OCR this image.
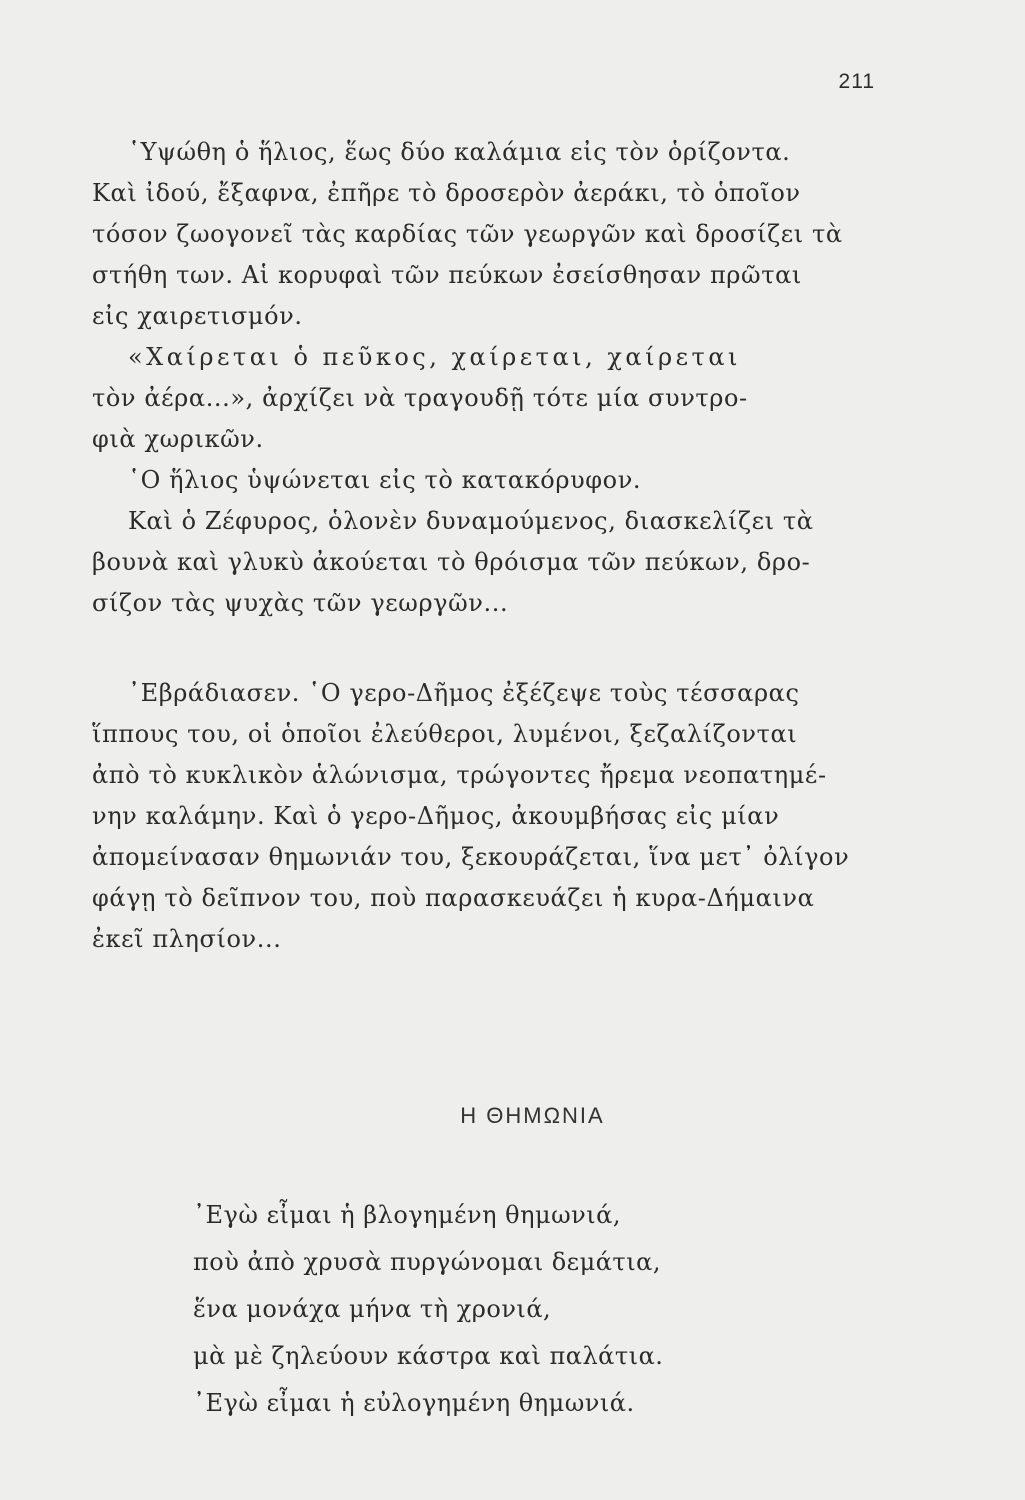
211
῾Υψώθη ὁ ἥλιος, ἕως δύο καλάμια εἰς τὸν ὁρίζοντα.
Καὶ ἰδού, ἔξαφνα, ἐπῆρε τὸ δροσερὸν ἀεράκι, τὸ ὁποῖον
τόσον ζωογονεῖ τὰς καρδίας τῶν γεωργῶν καὶ δροσίζει τὰ
στήθη των. Αἱ κορυφαὶ τῶν πεύκων ἐσείσθησαν πρῶται
εἰς χαιρετισμόν.
«Χαίρεται ὁ πεῦκος, χαίρεται, χαίρεται
τὸν ἀέρα...», ἀρχίζει νὰ τραγουδῇ τότε μία συντρο-
φιὰ χωρικῶν.
῾Ο ἥλιος ὑψώνεται εἰς τὸ κατακόρυφον.
Καὶ ὁ Ζέφυρος, ὁλονὲν δυναμούμενος, διασκελίζει τὰ
βουνὰ καὶ γλυκὺ ἀκούεται τὸ θρόισμα τῶν πεύκων, δρο-
σίζον τὰς ψυχὰς τῶν γεωργῶν...
᾿Εβράδιασεν. ῾Ο γερο-Δῆμος ἐξέζεψε τοὺς τέσσαρας
ἵππους του, οἱ ὁποῖοι ἐλεύθεροι, λυμένοι, ξεζαλίζονται
ἀπὸ τὸ κυκλικὸν ἁλώνισμα, τρώγοντες ἤρεμα νεοπατημέ-
νην καλάμην. Καὶ ὁ γερο-Δῆμος, ἀκουμβήσας εἰς μίαν
ἀπομείνασαν θημωνιάν του, ξεκουράζεται, ἵνα μετ᾿ ὀλίγον
φάγῃ τὸ δεῖπνον του, ποὺ παρασκευάζει ἡ κυρα-Δήμαινα
ἐκεῖ πλησίον...
Η ΘΗΜΩΝΙΑ
᾿Εγὼ εἶμαι ἡ βλογημένη θημωνιά,
ποὺ ἀπὸ χρυσὰ πυργώνομαι δεμάτια,
ἕνα μονάχα μήνα τὴ χρονιά,
μὰ μὲ ζηλεύουν κάστρα καὶ παλάτια.
᾿Εγὼ εἶμαι ἡ εὐλογημένη θημωνιά.
